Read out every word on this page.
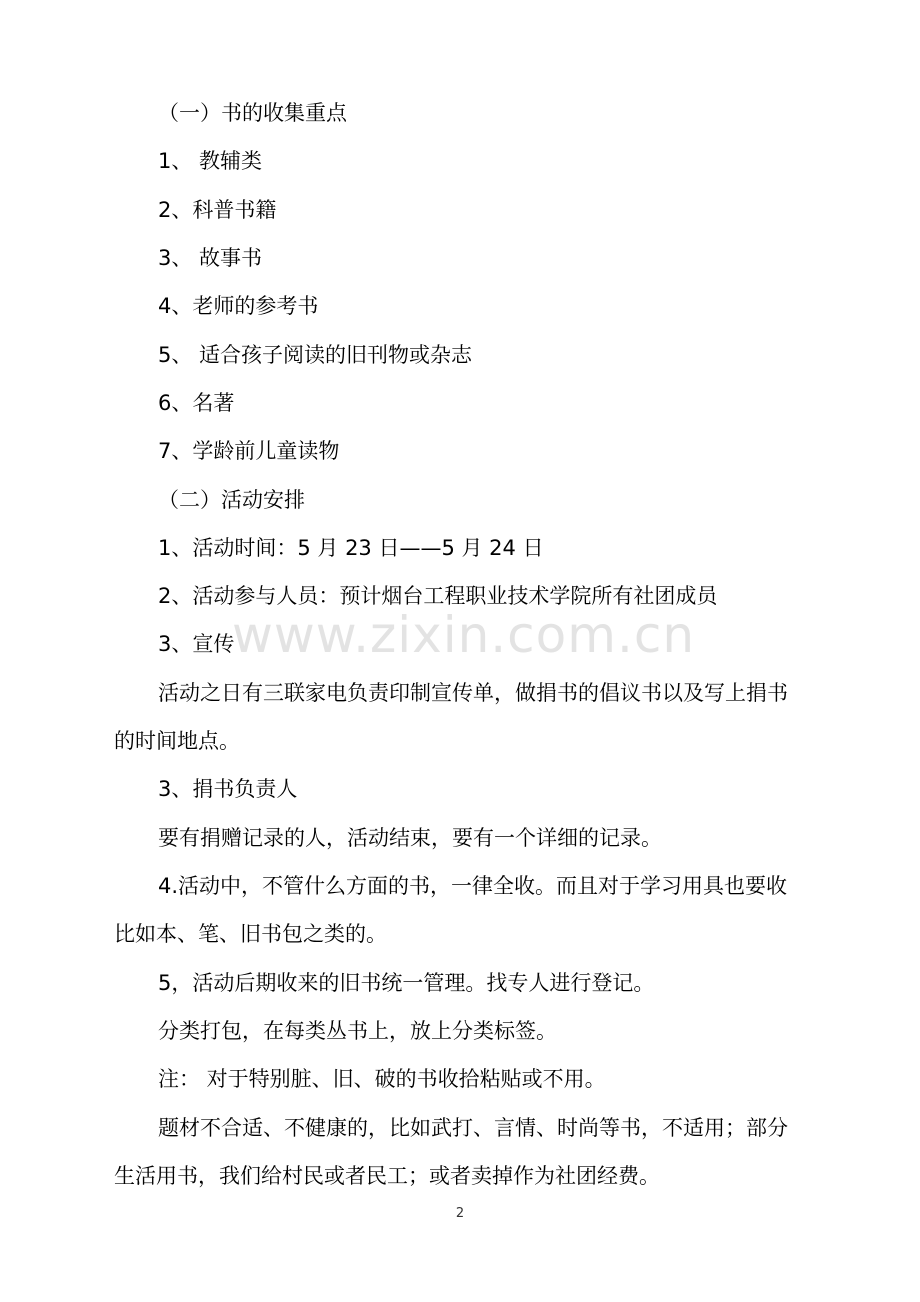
（一）书的收集重点
1、 教辅类
2、科普书籍
3、 故事书
4、老师的参考书
5、 适合孩子阅读的旧刊物或杂志
6、名著
7、学龄前儿童读物
（二）活动安排
1、活动时间：5 月 23 日——5 月 24 日
2、活动参与人员：预计烟台工程职业技术学院所有社团成员
3、宣传
活动之日有三联家电负责印制宣传单，做捐书的倡议书以及写上捐书
的时间地点。
3、捐书负责人
要有捐赠记录的人，活动结束，要有一个详细的记录。
4.活动中，不管什么方面的书，一律全收。而且对于学习用具也要收
比如本、笔、旧书包之类的。
5，活动后期收来的旧书统一管理。找专人进行登记。
分类打包，在每类丛书上，放上分类标签。
注： 对于特别脏、旧、破的书收拾粘贴或不用。
题材不合适、不健康的，比如武打、言情、时尚等书，不适用；部分
生活用书，我们给村民或者民工；或者卖掉作为社团经费。
www.zixin.com.cn
2
